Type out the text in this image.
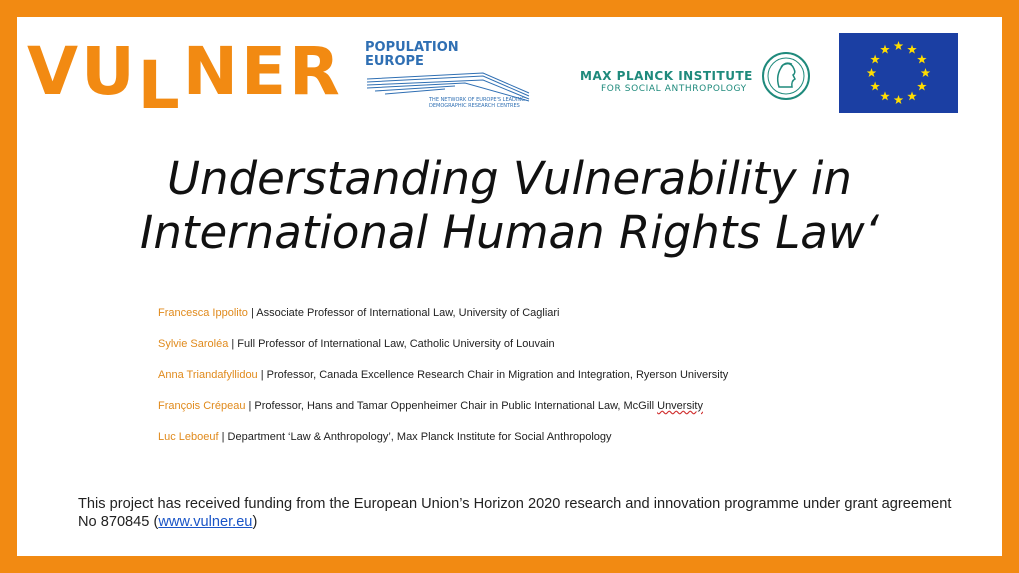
VULNER POPULATION
EUROPE
THE NETWORK OF EUROPE'S LEADING
DEMOGRAPHIC RESEARCH CENTRES
MAX PLANCK INSTITUTE
FOR SOCIAL ANTHROPOLOGY
Understanding Vulnerability in
International Human Rights Law‘
Francesca Ippolito | Associate Professor of International Law, University of Cagliari
Sylvie Saroléa | Full Professor of International Law, Catholic University of Louvain
Anna Triandafyllidou | Professor, Canada Excellence Research Chair in Migration and Integration, Ryerson University
François Crépeau | Professor, Hans and Tamar Oppenheimer Chair in Public International Law, McGill Unversity
Luc Leboeuf | Department ‘Law & Anthropology’, Max Planck Institute for Social Anthropology
This project has received funding from the European Union’s Horizon 2020 research and innovation programme under grant agreement No 870845 (www.vulner.eu)
